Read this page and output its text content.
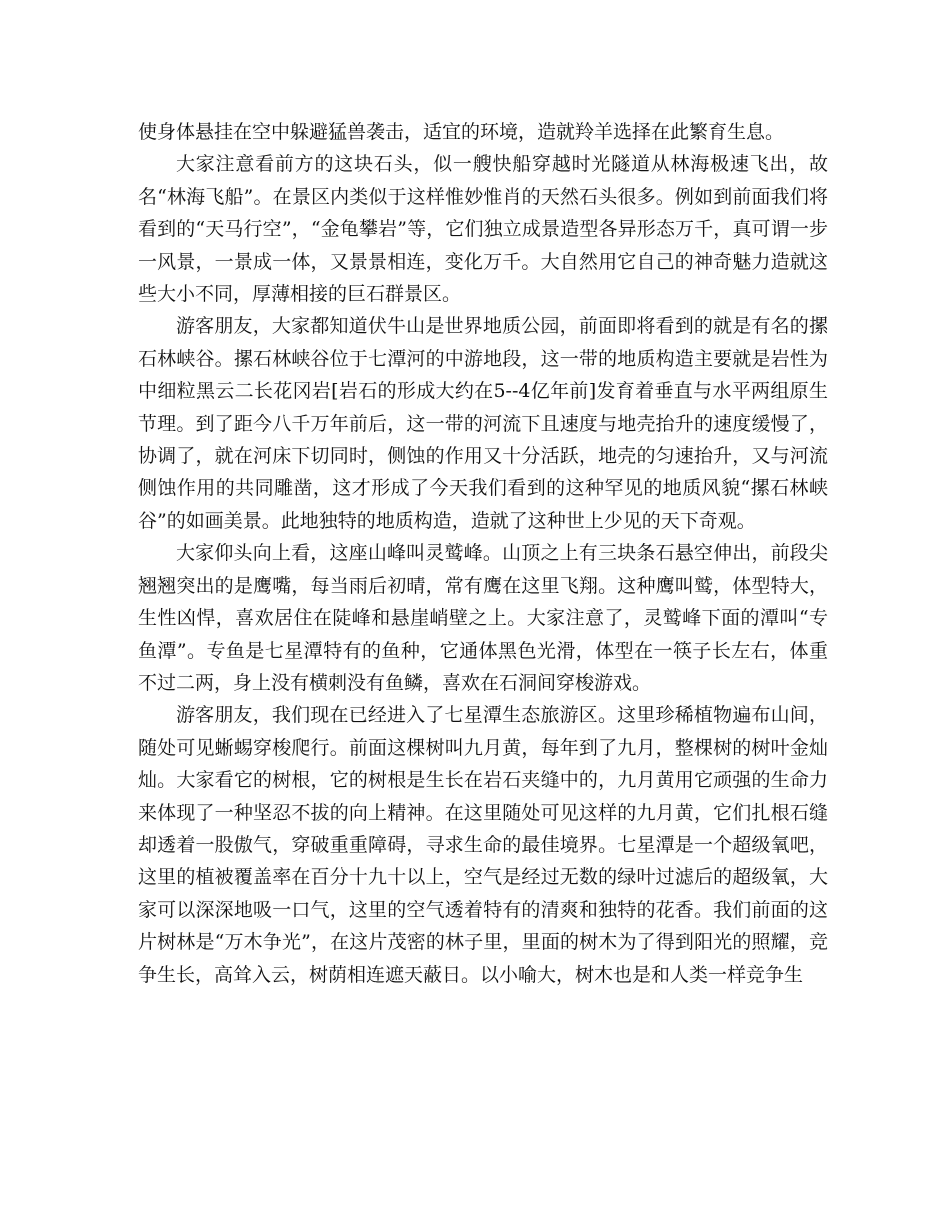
使身体悬挂在空中躲避猛兽袭击，适宜的环境，造就羚羊选择在此繁育生息。

大家注意看前方的这块石头，似一艘快船穿越时光隧道从林海极速飞出，故名“林海飞船”。在景区内类似于这样惟妙惟肖的天然石头很多。例如到前面我们将看到的“天马行空”，“金龟攀岩”等，它们独立成景造型各异形态万千，真可谓一步一风景，一景成一体，又景景相连，变化万千。大自然用它自己的神奇魅力造就这些大小不同，厚薄相接的巨石群景区。

游客朋友，大家都知道伏牛山是世界地质公园，前面即将看到的就是有名的摞石林峡谷。摞石林峡谷位于七潭河的中游地段，这一带的地质构造主要就是岩性为中细粒黑云二长花冈岩[岩石的形成大约在5--4亿年前]发育着垂直与水平两组原生节理。到了距今八千万年前后，这一带的河流下且速度与地壳抬升的速度缓慢了，协调了，就在河床下切同时，侧蚀的作用又十分活跃，地壳的匀速抬升，又与河流侧蚀作用的共同雕凿，这才形成了今天我们看到的这种罕见的地质风貌“摞石林峡谷”的如画美景。此地独特的地质构造，造就了这种世上少见的天下奇观。

大家仰头向上看，这座山峰叫灵鹫峰。山顶之上有三块条石悬空伸出，前段尖翘翘突出的是鹰嘴，每当雨后初晴，常有鹰在这里飞翔。这种鹰叫鹫，体型特大，生性凶悍，喜欢居住在陡峰和悬崖峭壁之上。大家注意了，灵鹫峰下面的潭叫“专鱼潭”。专鱼是七星潭特有的鱼种，它通体黑色光滑，体型在一筷子长左右，体重不过二两，身上没有横刺没有鱼鳞，喜欢在石洞间穿梭游戏。

游客朋友，我们现在已经进入了七星潭生态旅游区。这里珍稀植物遍布山间，随处可见蜥蜴穿梭爬行。前面这棵树叫九月黄，每年到了九月，整棵树的树叶金灿灿。大家看它的树根，它的树根是生长在岩石夹缝中的，九月黄用它顽强的生命力来体现了一种坚忍不拔的向上精神。在这里随处可见这样的九月黄，它们扎根石缝却透着一股傲气，穿破重重障碍，寻求生命的最佳境界。七星潭是一个超级氧吧，这里的植被覆盖率在百分十九十以上，空气是经过无数的绿叶过滤后的超级氧，大家可以深深地吸一口气，这里的空气透着特有的清爽和独特的花香。我们前面的这片树林是“万木争光”，在这片茂密的林子里，里面的树木为了得到阳光的照耀，竞争生长，高耸入云，树荫相连遮天蔽日。以小喻大，树木也是和人类一样竞争生
